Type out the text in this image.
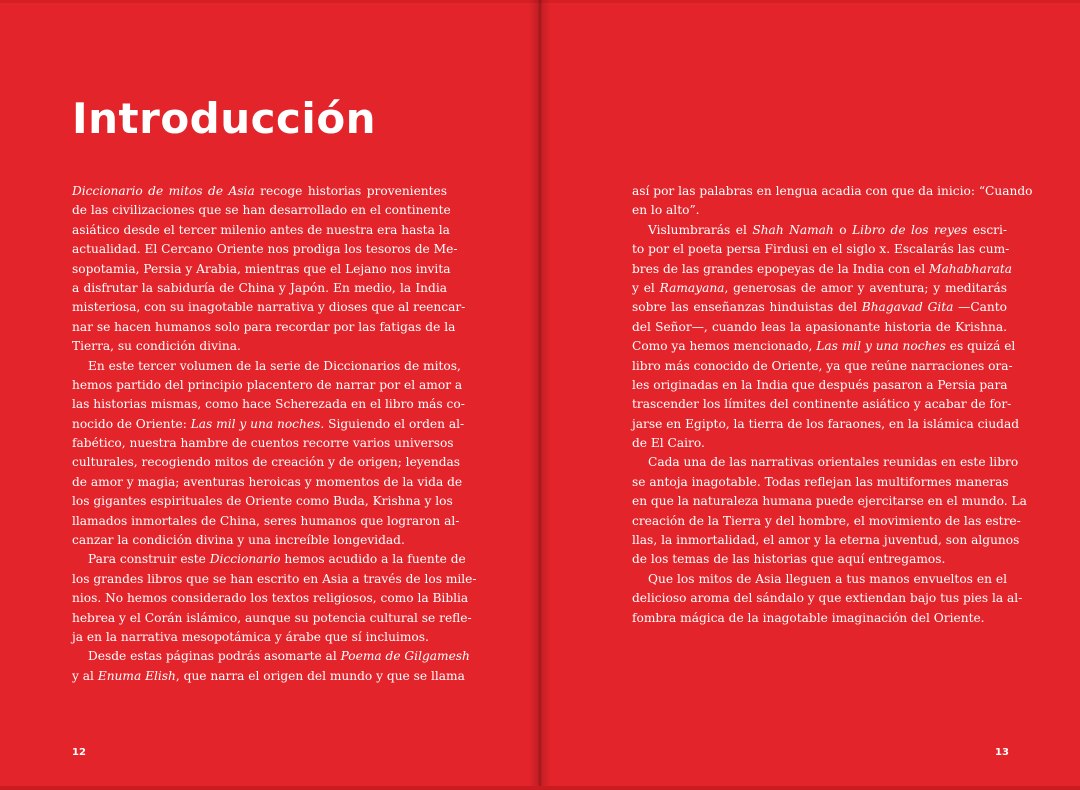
Introducción
Diccionario de mitos de Asia recoge historias provenientes
de las civilizaciones que se han desarrollado en el continente
asiático desde el tercer milenio antes de nuestra era hasta la
actualidad. El Cercano Oriente nos prodiga los tesoros de Me-
sopotamia, Persia y Arabia, mientras que el Lejano nos invita
a disfrutar la sabiduría de China y Japón. En medio, la India
misteriosa, con su inagotable narrativa y dioses que al reencar-
nar se hacen humanos solo para recordar por las fatigas de la
Tierra, su condición divina.
En este tercer volumen de la serie de Diccionarios de mitos,
hemos partido del principio placentero de narrar por el amor a
las historias mismas, como hace Scherezada en el libro más co-
nocido de Oriente: Las mil y una noches. Siguiendo el orden al-
fabético, nuestra hambre de cuentos recorre varios universos
culturales, recogiendo mitos de creación y de origen; leyendas
de amor y magia; aventuras heroicas y momentos de la vida de
los gigantes espirituales de Oriente como Buda, Krishna y los
llamados inmortales de China, seres humanos que lograron al-
canzar la condición divina y una increíble longevidad.
Para construir este Diccionario hemos acudido a la fuente de
los grandes libros que se han escrito en Asia a través de los mile-
nios. No hemos considerado los textos religiosos, como la Biblia
hebrea y el Corán islámico, aunque su potencia cultural se refle-
ja en la narrativa mesopotámica y árabe que sí incluimos.
Desde estas páginas podrás asomarte al Poema de Gilgamesh
y al Enuma Elish, que narra el origen del mundo y que se llama
12
así por las palabras en lengua acadia con que da inicio: “Cuando
en lo alto”.
Vislumbrarás el Shah Namah o Libro de los reyes escri-
to por el poeta persa Firdusi en el siglo x. Escalarás las cum-
bres de las grandes epopeyas de la India con el Mahabharata
y el Ramayana, generosas de amor y aventura; y meditarás
sobre las enseñanzas hinduistas del Bhagavad Gita —Canto
del Señor—, cuando leas la apasionante historia de Krishna.
Como ya hemos mencionado, Las mil y una noches es quizá el
libro más conocido de Oriente, ya que reúne narraciones ora-
les originadas en la India que después pasaron a Persia para
trascender los límites del continente asiático y acabar de for-
jarse en Egipto, la tierra de los faraones, en la islámica ciudad
de El Cairo.
Cada una de las narrativas orientales reunidas en este libro
se antoja inagotable. Todas reflejan las multiformes maneras
en que la naturaleza humana puede ejercitarse en el mundo. La
creación de la Tierra y del hombre, el movimiento de las estre-
llas, la inmortalidad, el amor y la eterna juventud, son algunos
de los temas de las historias que aquí entregamos.
Que los mitos de Asia lleguen a tus manos envueltos en el
delicioso aroma del sándalo y que extiendan bajo tus pies la al-
fombra mágica de la inagotable imaginación del Oriente.
13
